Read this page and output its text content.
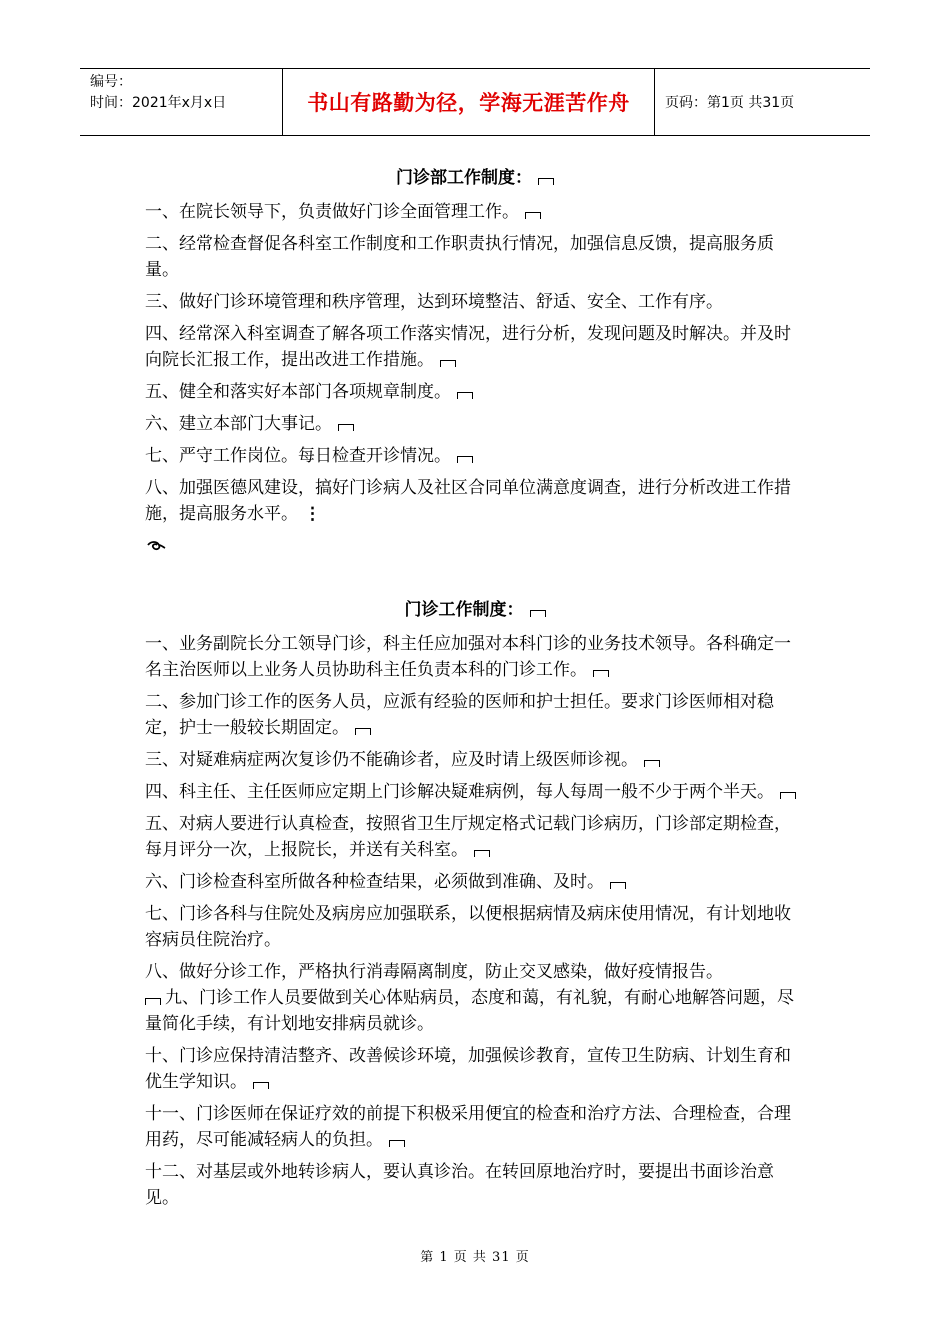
编号：
时间：2021年x月x日	书山有路勤为径，学海无涯苦作舟	页码：第1页 共31页
门诊部工作制度：
一、在院长领导下，负责做好门诊全面管理工作。
二、经常检查督促各科室工作制度和工作职责执行情况，加强信息反馈，提高服务质量。
三、做好门诊环境管理和秩序管理，达到环境整洁、舒适、安全、工作有序。
四、经常深入科室调查了解各项工作落实情况，进行分析，发现问题及时解决。并及时向院长汇报工作，提出改进工作措施。
五、健全和落实好本部门各项规章制度。
六、建立本部门大事记。
七、严守工作岗位。每日检查开诊情况。
八、加强医德风建设，搞好门诊病人及社区合同单位满意度调查，进行分析改进工作措施，提高服务水平。 ⋮
门诊工作制度：
一、业务副院长分工领导门诊，科主任应加强对本科门诊的业务技术领导。各科确定一名主治医师以上业务人员协助科主任负责本科的门诊工作。
二、参加门诊工作的医务人员，应派有经验的医师和护士担任。要求门诊医师相对稳定，护士一般较长期固定。
三、对疑难病症两次复诊仍不能确诊者，应及时请上级医师诊视。
四、科主任、主任医师应定期上门诊解决疑难病例，每人每周一般不少于两个半天。
五、对病人要进行认真检查，按照省卫生厅规定格式记载门诊病历，门诊部定期检查，每月评分一次，上报院长，并送有关科室。
六、门诊检查科室所做各种检查结果，必须做到准确、及时。
七、门诊各科与住院处及病房应加强联系，以便根据病情及病床使用情况，有计划地收容病员住院治疗。
八、做好分诊工作，严格执行消毒隔离制度，防止交叉感染，做好疫情报告。
九、门诊工作人员要做到关心体贴病员，态度和蔼，有礼貌，有耐心地解答问题，尽量简化手续，有计划地安排病员就诊。
十、门诊应保持清洁整齐、改善候诊环境，加强候诊教育，宣传卫生防病、计划生育和优生学知识。
十一、门诊医师在保证疗效的前提下积极采用便宜的检查和治疗方法、合理检查，合理用药，尽可能减轻病人的负担。
十二、对基层或外地转诊病人，要认真诊治。在转回原地治疗时，要提出书面诊治意见。
第 1 页 共 31 页
